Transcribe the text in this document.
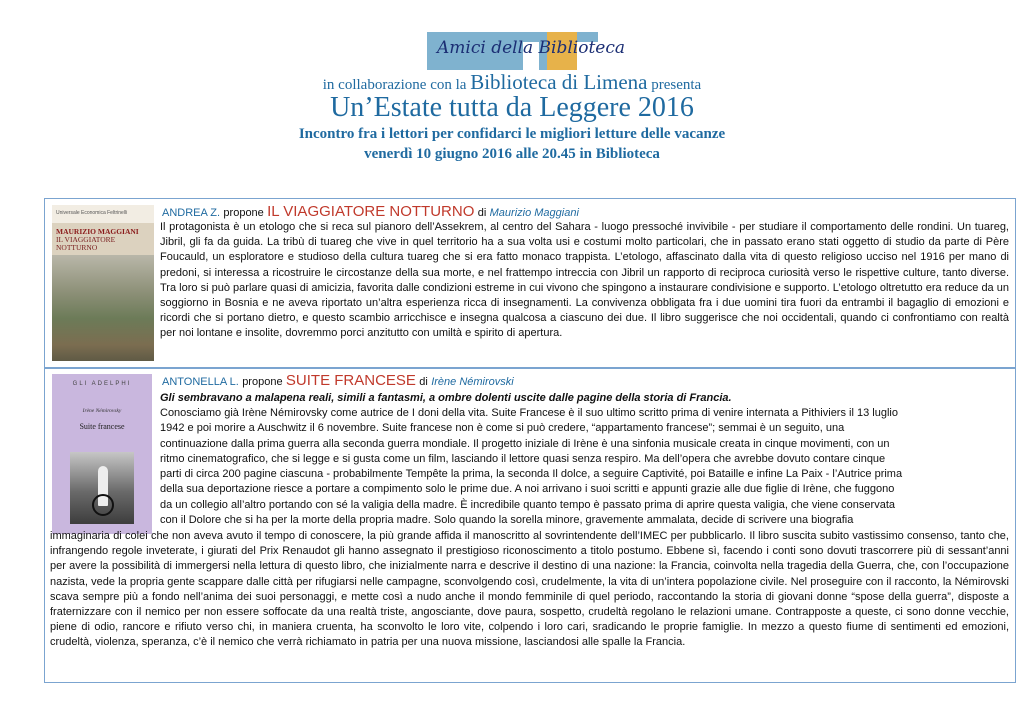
Amici della Biblioteca
in collaborazione con la Biblioteca di Limena presenta
Un’Estate tutta da Leggere 2016
Incontro fra i lettori per confidarci le migliori letture delle vacanze
venerdì 10 giugno 2016 alle 20.45 in Biblioteca
Universale Economica Feltrinelli
MAURIZIO MAGGIANI
IL VIAGGIATORE NOTTURNO
GLI ADELPHI
Irène Némirovsky
Suite francese
ANDREA Z. propone IL VIAGGIATORE NOTTURNO di Maurizio Maggiani
Il protagonista è un etologo che si reca sul pianoro dell’Assekrem, al centro del Sahara - luogo pressoché invivibile - per studiare il comportamento delle rondini. Un tuareg, Jibril, gli fa da guida. La tribù di tuareg che vive in quel territorio ha a sua volta usi e costumi molto particolari, che in passato erano stati oggetto di studio da parte di Père Foucauld, un esploratore e studioso della cultura tuareg che si era fatto monaco trappista. L’etologo, affascinato dalla vita di questo religioso ucciso nel 1916 per mano di predoni, si interessa a ricostruire le circostanze della sua morte, e nel frattempo intreccia con Jibril un rapporto di reciproca curiosità verso le rispettive culture, tanto diverse. Tra loro si può parlare quasi di amicizia, favorita dalle condizioni estreme in cui vivono che spingono a instaurare condivisione e supporto. L’etologo oltretutto era reduce da un soggiorno in Bosnia e ne aveva riportato un’altra esperienza ricca di insegnamenti. La convivenza obbligata fra i due uomini tira fuori da entrambi il bagaglio di emozioni e ricordi che si portano dietro, e questo scambio arricchisce e insegna qualcosa a ciascuno dei due. Il libro suggerisce che noi occidentali, quando ci confrontiamo con realtà per noi lontane e insolite, dovremmo porci anzitutto con umiltà e spirito di apertura.
ANTONELLA L. propone SUITE FRANCESE di Irène Némirovski
Gli sembravano a malapena reali, simili a fantasmi, a ombre dolenti uscite dalle pagine della storia di Francia.
Conosciamo già Irène Némirovsky come autrice de I doni della vita. Suite Francese è il suo ultimo scritto prima di venire internata a Pithiviers il 13 luglio
1942 e poi morire a Auschwitz il 6 novembre. Suite francese non è come si può credere, “appartamento francese”; semmai è un seguito, una
continuazione dalla prima guerra alla seconda guerra mondiale. Il progetto iniziale di Irène è una sinfonia musicale creata in cinque movimenti, con un
ritmo cinematografico, che si legge e si gusta come un film, lasciando il lettore quasi senza respiro. Ma dell’opera che avrebbe dovuto contare cinque
parti di circa 200 pagine ciascuna - probabilmente Tempête la prima, la seconda Il dolce, a seguire Captivité, poi Bataille e infine La Paix - l’Autrice prima
della sua deportazione riesce a portare a compimento solo le prime due. A noi arrivano i suoi scritti e appunti grazie alle due figlie di Irène, che fuggono
da un collegio all’altro portando con sé la valigia della madre. È incredibile quanto tempo è passato prima di aprire questa valigia, che viene conservata
con il Dolore che si ha per la morte della propria madre. Solo quando la sorella minore, gravemente ammalata, decide di scrivere una biografia
immaginaria di colei che non aveva avuto il tempo di conoscere, la più grande affida il manoscritto al sovrintendente dell’IMEC per pubblicarlo. Il libro suscita subito vastissimo consenso, tanto che, infrangendo regole inveterate, i giurati del Prix Renaudot gli hanno assegnato il prestigioso riconoscimento a titolo postumo. Ebbene sì, facendo i conti sono dovuti trascorrere più di sessant’anni per avere la possibilità di immergersi nella lettura di questo libro, che inizialmente narra e descrive il destino di una nazione: la Francia, coinvolta nella tragedia della Guerra, che, con l’occupazione nazista, vede la propria gente scappare dalle città per rifugiarsi nelle campagne, sconvolgendo così, crudelmente, la vita di un’intera popolazione civile. Nel proseguire con il racconto, la Némirovski scava sempre più a fondo nell’anima dei suoi personaggi, e mette così a nudo anche il mondo femminile di quel periodo, raccontando la storia di giovani donne “spose della guerra”, disposte a fraternizzare con il nemico per non essere soffocate da una realtà triste, angosciante, dove paura, sospetto, crudeltà regolano le relazioni umane. Contrapposte a queste, ci sono donne vecchie, piene di odio, rancore e rifiuto verso chi, in maniera cruenta, ha sconvolto le loro vite, colpendo i loro cari, sradicando le proprie famiglie. In mezzo a questo fiume di sentimenti ed emozioni, crudeltà, violenza, speranza, c’è il nemico che verrà richiamato in patria per una nuova missione, lasciandosi alle spalle la Francia.
